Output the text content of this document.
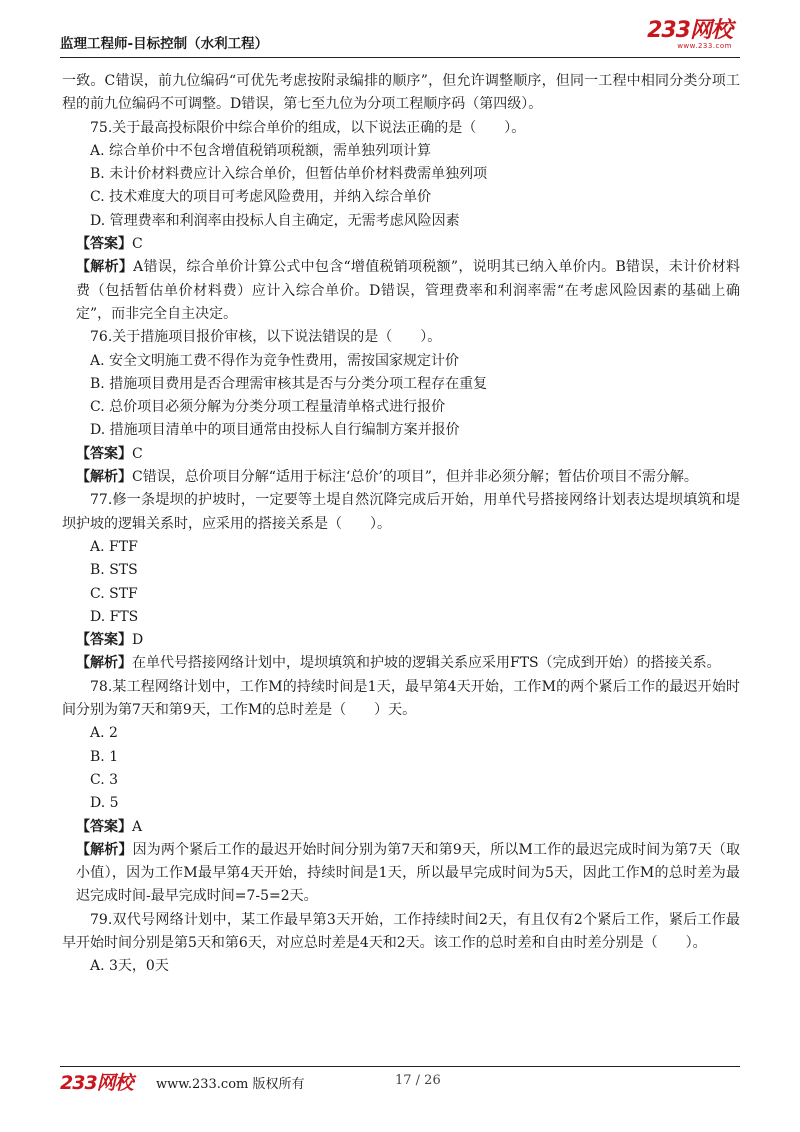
监理工程师-目标控制（水利工程）
233网校
www.233.com

一致。C错误，前九位编码“可优先考虑按附录编排的顺序”，但允许调整顺序，但同一工程中相同分类分项工程的前九位编码不可调整。D错误，第七至九位为分项工程顺序码（第四级）。

75.关于最高投标限价中综合单价的组成，以下说法正确的是（　　）。

A. 综合单价中不包含增值税销项税额，需单独列项计算

B. 未计价材料费应计入综合单价，但暂估单价材料费需单独列项

C. 技术难度大的项目可考虑风险费用，并纳入综合单价

D. 管理费率和利润率由投标人自主确定，无需考虑风险因素

【答案】C

【解析】A错误，综合单价计算公式中包含“增值税销项税额”，说明其已纳入单价内。B错误，未计价材料费（包括暂估单价材料费）应计入综合单价。D错误，管理费率和利润率需“在考虑风险因素的基础上确定”，而非完全自主决定。

76.关于措施项目报价审核，以下说法错误的是（　　）。

A. 安全文明施工费不得作为竞争性费用，需按国家规定计价

B. 措施项目费用是否合理需审核其是否与分类分项工程存在重复

C. 总价项目必须分解为分类分项工程量清单格式进行报价

D. 措施项目清单中的项目通常由投标人自行编制方案并报价

【答案】C

【解析】C错误，总价项目分解“适用于标注‘总价’的项目”，但并非必须分解；暂估价项目不需分解。

77.修一条堤坝的护坡时，一定要等土堤自然沉降完成后开始，用单代号搭接网络计划表达堤坝填筑和堤坝护坡的逻辑关系时，应采用的搭接关系是（　　）。

A. FTF

B. STS

C. STF

D. FTS

【答案】D

【解析】在单代号搭接网络计划中，堤坝填筑和护坡的逻辑关系应采用FTS（完成到开始）的搭接关系。

78.某工程网络计划中，工作M的持续时间是1天，最早第4天开始，工作M的两个紧后工作的最迟开始时间分别为第7天和第9天，工作M的总时差是（　　）天。

A. 2

B. 1

C. 3

D. 5

【答案】A

【解析】因为两个紧后工作的最迟开始时间分别为第7天和第9天，所以M工作的最迟完成时间为第7天（取小值），因为工作M最早第4天开始，持续时间是1天，所以最早完成时间为5天，因此工作M的总时差为最迟完成时间-最早完成时间=7-5=2天。

79.双代号网络计划中，某工作最早第3天开始，工作持续时间2天，有且仅有2个紧后工作，紧后工作最早开始时间分别是第5天和第6天，对应总时差是4天和2天。该工作的总时差和自由时差分别是（　　）。

A. 3天，0天

233网校 www.233.com 版权所有	17 / 26
